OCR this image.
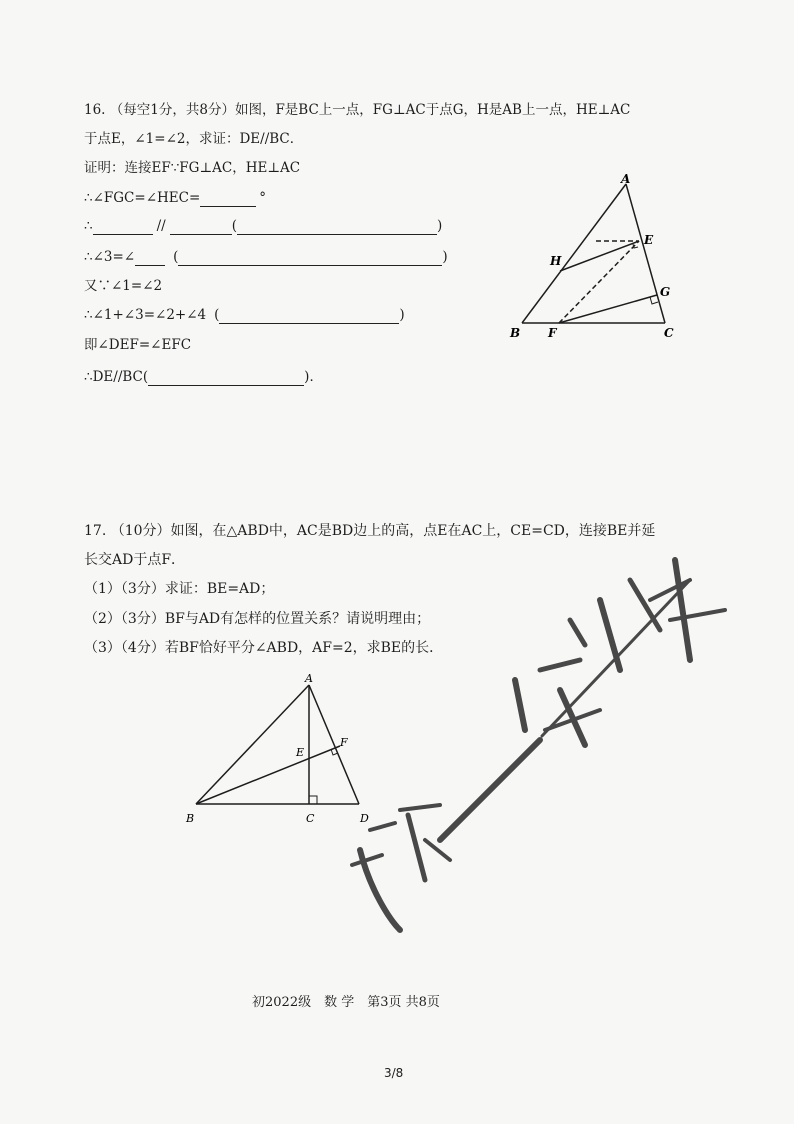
16. （每空1分，共8分）如图，F是BC上一点，FG⊥AC于点G，H是AB上一点，HE⊥AC
于点E，∠1=∠2，求证：DE//BC．
证明：连接EF∵FG⊥AC，HE⊥AC
∴∠FGC=∠HEC=	°
∴	//(  )
∴∠3=∠(  )
又∵∠1=∠2
∴∠1+∠3=∠2+∠4(  )
即∠DEF=∠EFC
∴DE//BC(  )	．
A
E
H
G
B F	C
17. （10分）如图，在△ABD中，AC是BD边上的高，点E在AC上，CE=CD，连接BE并延
长交AD于点F．
（1）（3分）求证：BE=AD；
（2）（3分）BF与AD有怎样的位置关系？请说明理由；
（3）（4分）若BF恰好平分∠ABD，AF=2，求BE的长．
A
E
F
B	C	D
初2022级　数 学　第3页 共8页
3/8
